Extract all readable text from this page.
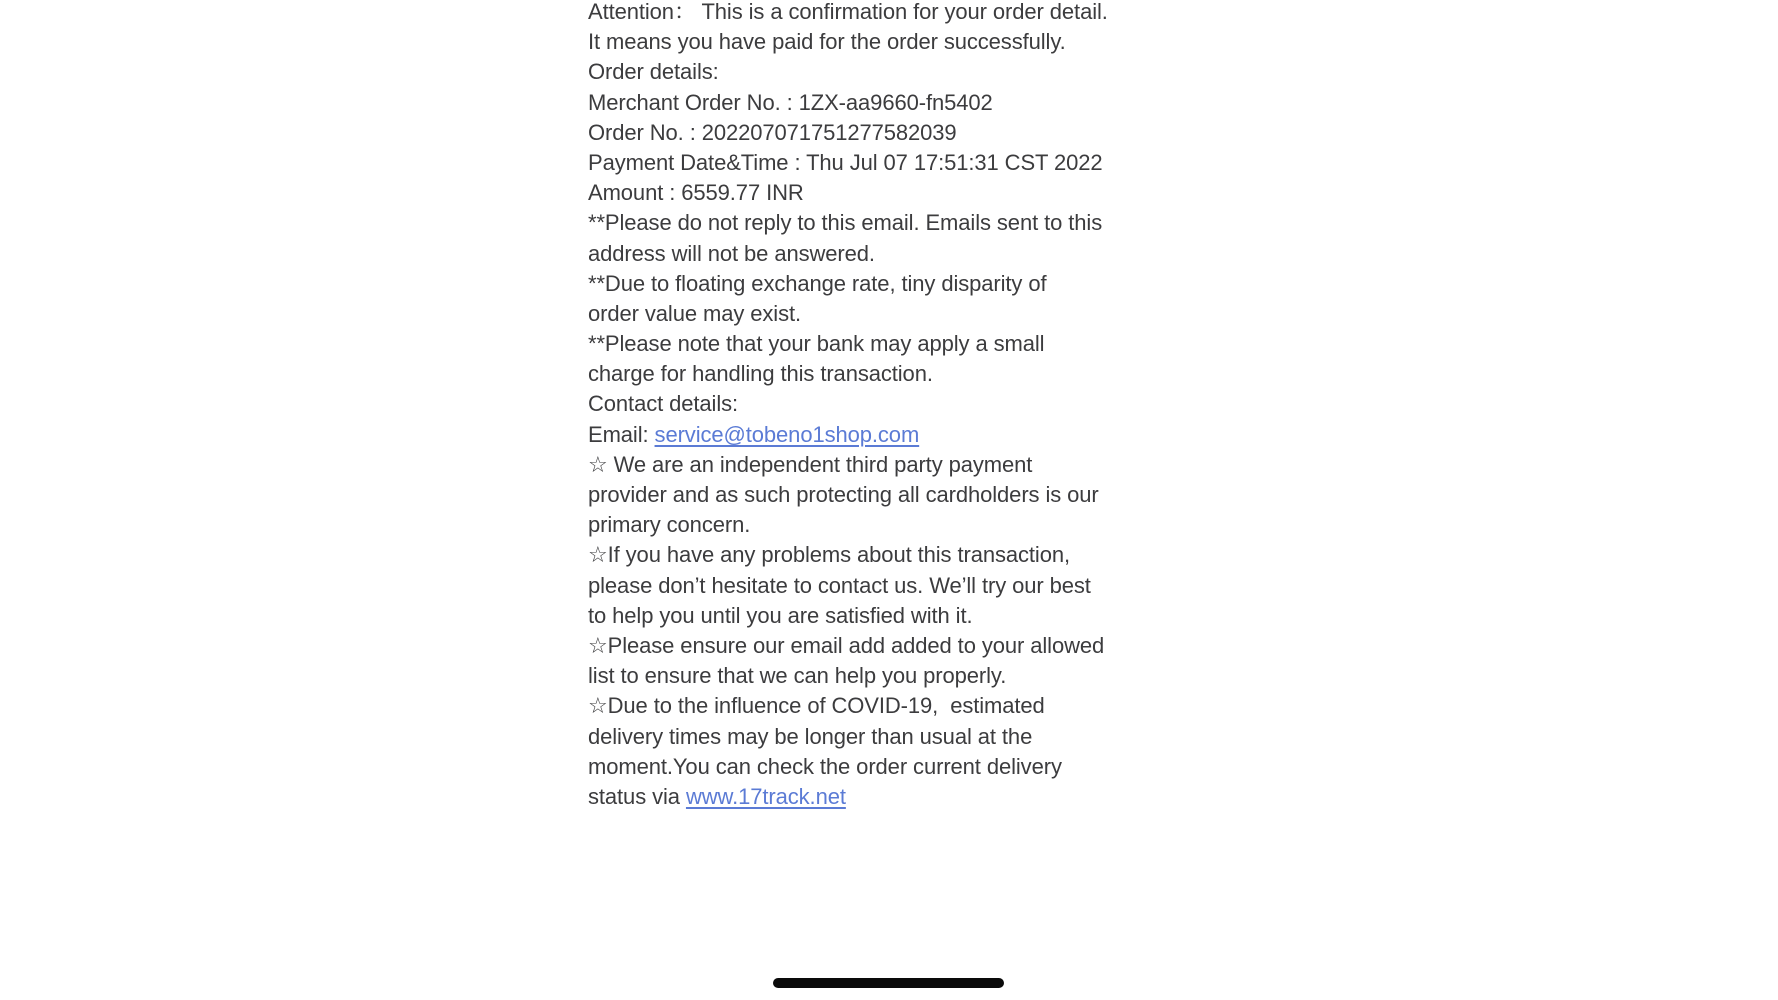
Attention： This is a confirmation for your order detail.
It means you have paid for the order successfully.
Order details:
Merchant Order No. : 1ZX-aa9660-fn5402
Order No. : 202207071751277582039
Payment Date&Time : Thu Jul 07 17:51:31 CST 2022
Amount : 6559.77 INR
**Please do not reply to this email. Emails sent to this
address will not be answered.
**Due to floating exchange rate, tiny disparity of
order value may exist.
**Please note that your bank may apply a small
charge for handling this transaction.
Contact details:
Email: service@tobeno1shop.com
☆ We are an independent third party payment
provider and as such protecting all cardholders is our
primary concern.
☆If you have any problems about this transaction,
please don’t hesitate to contact us. We’ll try our best
to help you until you are satisfied with it.
☆Please ensure our email add added to your allowed
list to ensure that we can help you properly.
☆Due to the influence of COVID-19,  estimated
delivery times may be longer than usual at the
moment.You can check the order current delivery
status via www.17track.net
